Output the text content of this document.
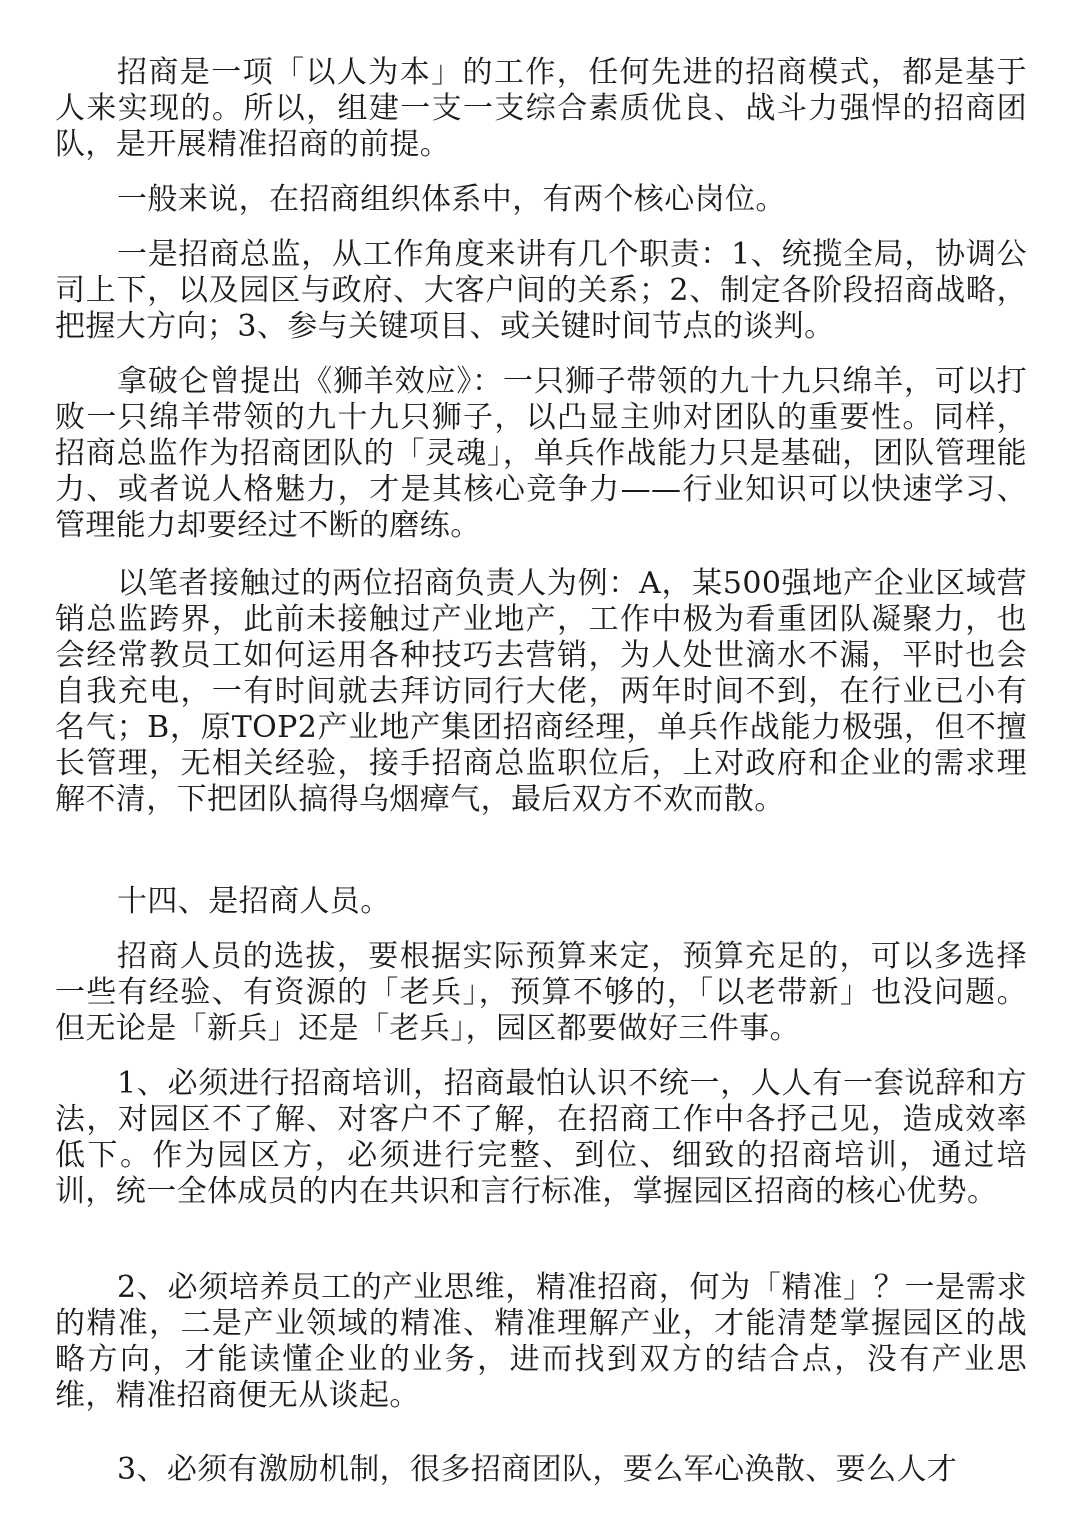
招商是一项「以人为本」的工作，任何先进的招商模式，都是基于人来实现的。所以，组建一支一支综合素质优良、战斗力强悍的招商团队，是开展精准招商的前提。

一般来说，在招商组织体系中，有两个核心岗位。

一是招商总监，从工作角度来讲有几个职责：1、统揽全局，协调公司上下，以及园区与政府、大客户间的关系；2、制定各阶段招商战略，把握大方向；3、参与关键项目、或关键时间节点的谈判。

拿破仑曾提出《狮羊效应》：一只狮子带领的九十九只绵羊，可以打败一只绵羊带领的九十九只狮子，以凸显主帅对团队的重要性。同样，招商总监作为招商团队的「灵魂」，单兵作战能力只是基础，团队管理能力、或者说人格魅力，才是其核心竞争力——行业知识可以快速学习、管理能力却要经过不断的磨练。

以笔者接触过的两位招商负责人为例：A，某500强地产企业区域营销总监跨界，此前未接触过产业地产，工作中极为看重团队凝聚力，也会经常教员工如何运用各种技巧去营销，为人处世滴水不漏，平时也会自我充电，一有时间就去拜访同行大佬，两年时间不到，在行业已小有名气；B，原TOP2产业地产集团招商经理，单兵作战能力极强，但不擅长管理，无相关经验，接手招商总监职位后，上对政府和企业的需求理解不清，下把团队搞得乌烟瘴气，最后双方不欢而散。

十四、是招商人员。

招商人员的选拔，要根据实际预算来定，预算充足的，可以多选择一些有经验、有资源的「老兵」，预算不够的，「以老带新」也没问题。但无论是「新兵」还是「老兵」，园区都要做好三件事。

1、必须进行招商培训，招商最怕认识不统一，人人有一套说辞和方法，对园区不了解、对客户不了解，在招商工作中各抒己见，造成效率低下。作为园区方，必须进行完整、到位、细致的招商培训，通过培训，统一全体成员的内在共识和言行标准，掌握园区招商的核心优势。

2、必须培养员工的产业思维，精准招商，何为「精准」？一是需求的精准，二是产业领域的精准、精准理解产业，才能清楚掌握园区的战略方向，才能读懂企业的业务，进而找到双方的结合点，没有产业思维，精准招商便无从谈起。

3、必须有激励机制，很多招商团队，要么军心涣散、要么人才
